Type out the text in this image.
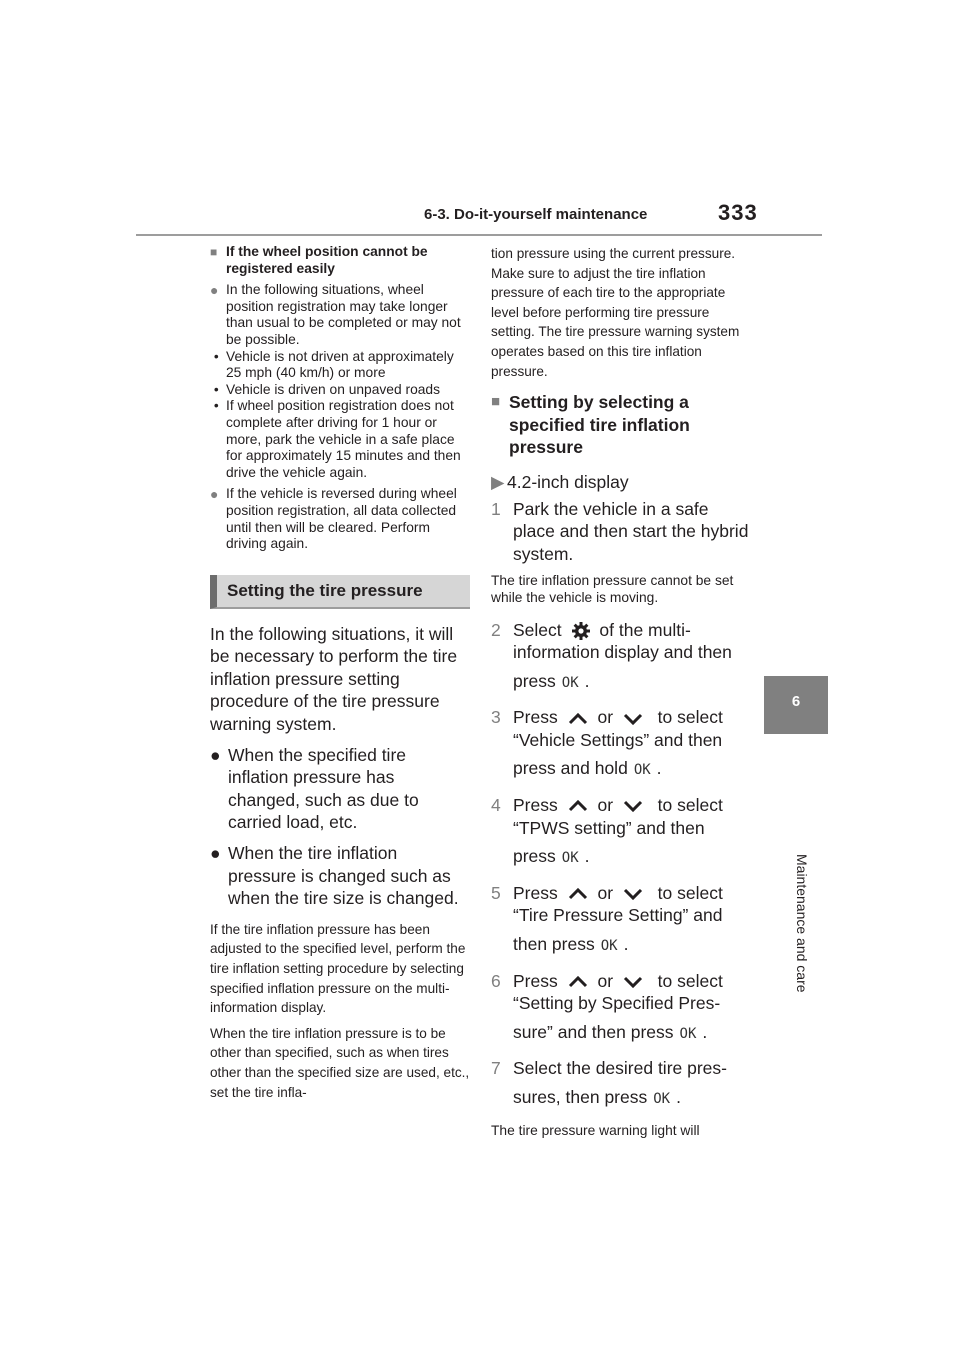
6-3. Do-it-yourself maintenance	333
6
Maintenance and care
■ If the wheel position cannot be registered easily
● In the following situations, wheel position registration may take longer than usual to be completed or may not be possible.
• Vehicle is not driven at approximately 25 mph (40 km/h) or more
• Vehicle is driven on unpaved roads
• If wheel position registration does not complete after driving for 1 hour or more, park the vehicle in a safe place for approximately 15 minutes and then drive the vehicle again.
● If the vehicle is reversed during wheel position registration, all data collected until then will be cleared. Perform driving again.
Setting the tire pressure
In the following situations, it will be necessary to perform the tire inflation pressure setting procedure of the tire pressure warning system.
● When the specified tire inflation pressure has changed, such as due to carried load, etc.
● When the tire inflation pressure is changed such as when the tire size is changed.
If the tire inflation pressure has been adjusted to the specified level, perform the tire inflation setting procedure by selecting specified inflation pressure on the multi-information display.
When the tire inflation pressure is to be other than specified, such as when tires other than the specified size are used, etc., set the tire infla-
tion pressure using the current pressure. Make sure to adjust the tire inflation pressure of each tire to the appropriate level before performing tire pressure setting. The tire pressure warning system operates based on this tire inflation pressure.
■ Setting by selecting a specified tire inflation pressure
▶ 4.2-inch display
1 Park the vehicle in a safe place and then start the hybrid system.
The tire inflation pressure cannot be set while the vehicle is moving.
2 Select of the multi-information display and then

press OK .
3 Press or	to select
“Vehicle Settings” and then

press and hold OK .
4 Press or	to select
“TPWS setting” and then

press OK .
5 Press or	to select
“Tire Pressure Setting” and

then press OK .
6 Press or	to select
“Setting by Specified Pres-

sure” and then press OK .
7 Select the desired tire pres-

sures, then press OK .
The tire pressure warning light will
